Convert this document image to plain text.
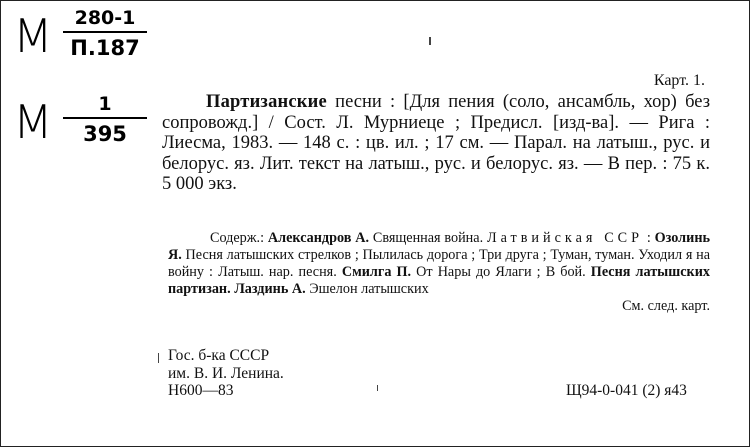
М	280-1
П.187
М	1
395
Карт. 1.

Партизанские песни : [Для пения (соло, ансамбль, хор) без сопровожд.] / Сост. Л. Мурниеце ; Предисл. [изд-ва]. — Рига : Лиесма, 1983. — 148 с. : цв. ил. ; 17 см. — Парал. на латыш., рус. и белорус. яз. Лит. текст на латыш., рус. и белорус. яз. — В пер. : 75 к. 5 000 экз.

Содерж.: Александров А. Священная война. Латвийская ССР : Озолинь Я. Песня латышских стрелков ; Пылилась дорога ; Три друга ; Туман, туман. Уходил я на войну : Латыш. нар. песня. Смилга П. От Нары до Ялаги ; В бой. Песня латышских партизан. Лаздинь А. Эшелон латышских

См. след. карт.

Гос. б-ка СССР
им. В. И. Ленина.
Н600—83	Щ94-0-041 (2) я43
